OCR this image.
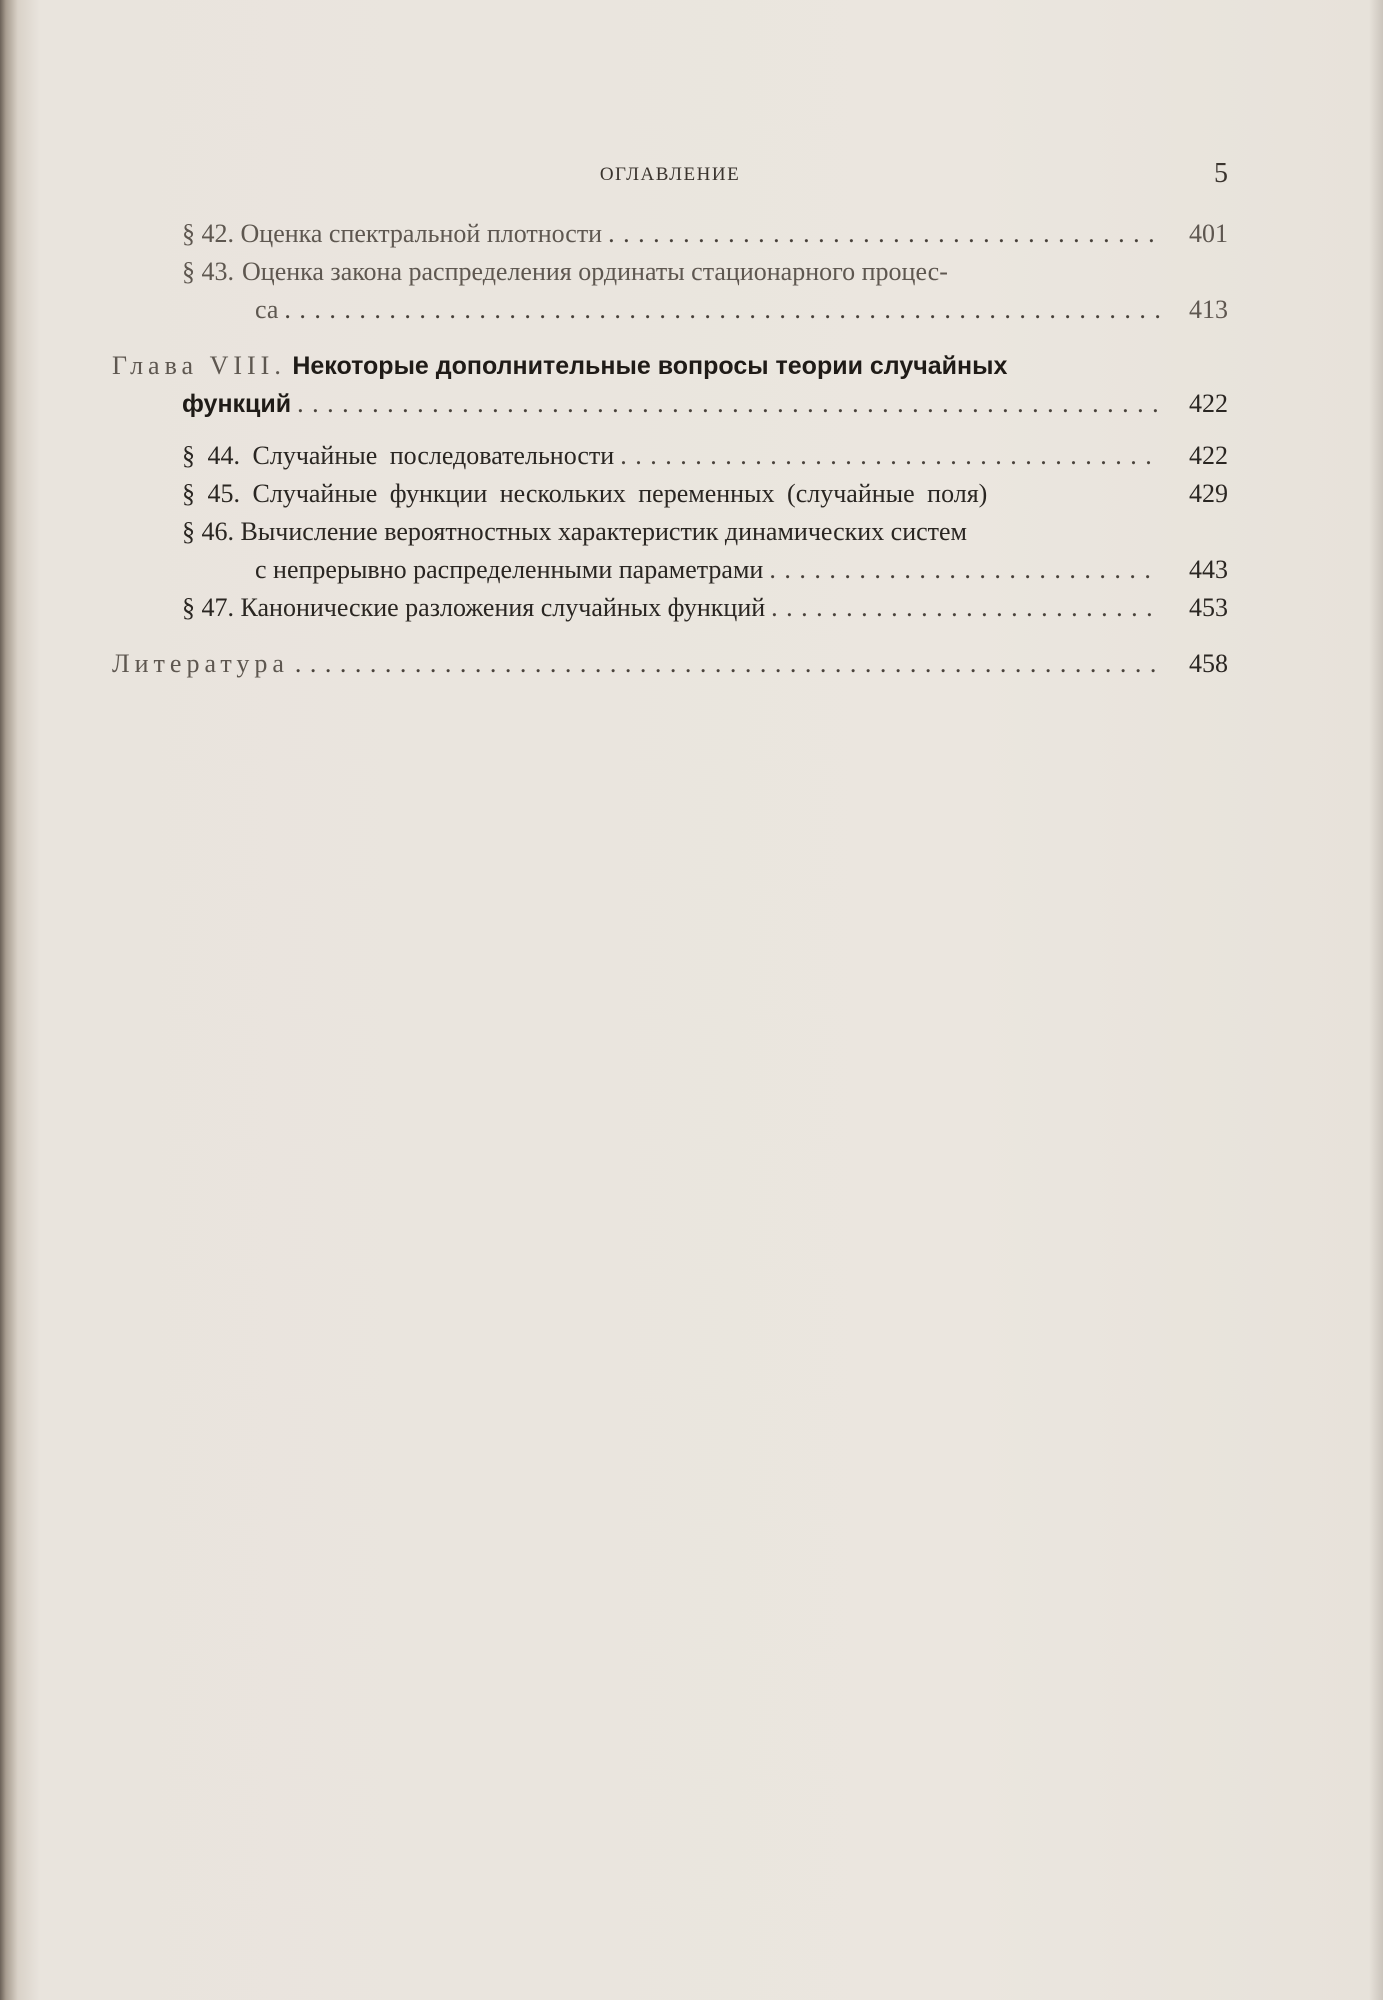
ОГЛАВЛЕНИЕ	5
§ 42. Оценка спектральной плотности . . .	401
§ 43. Оценка закона распределения ординаты стационарного процес-
са . . .	413
Глава VIII. Некоторые дополнительные вопросы теории случайных
функций . . .	422
§ 44. Случайные последовательности . . .	422
§ 45. Случайные функции нескольких переменных (случайные поля)	429
§ 46. Вычисление вероятностных характеристик динамических систем
с непрерывно распределенными параметрами . . .	443
§ 47. Канонические разложения случайных функций . . .	453
Литература . . .	458
